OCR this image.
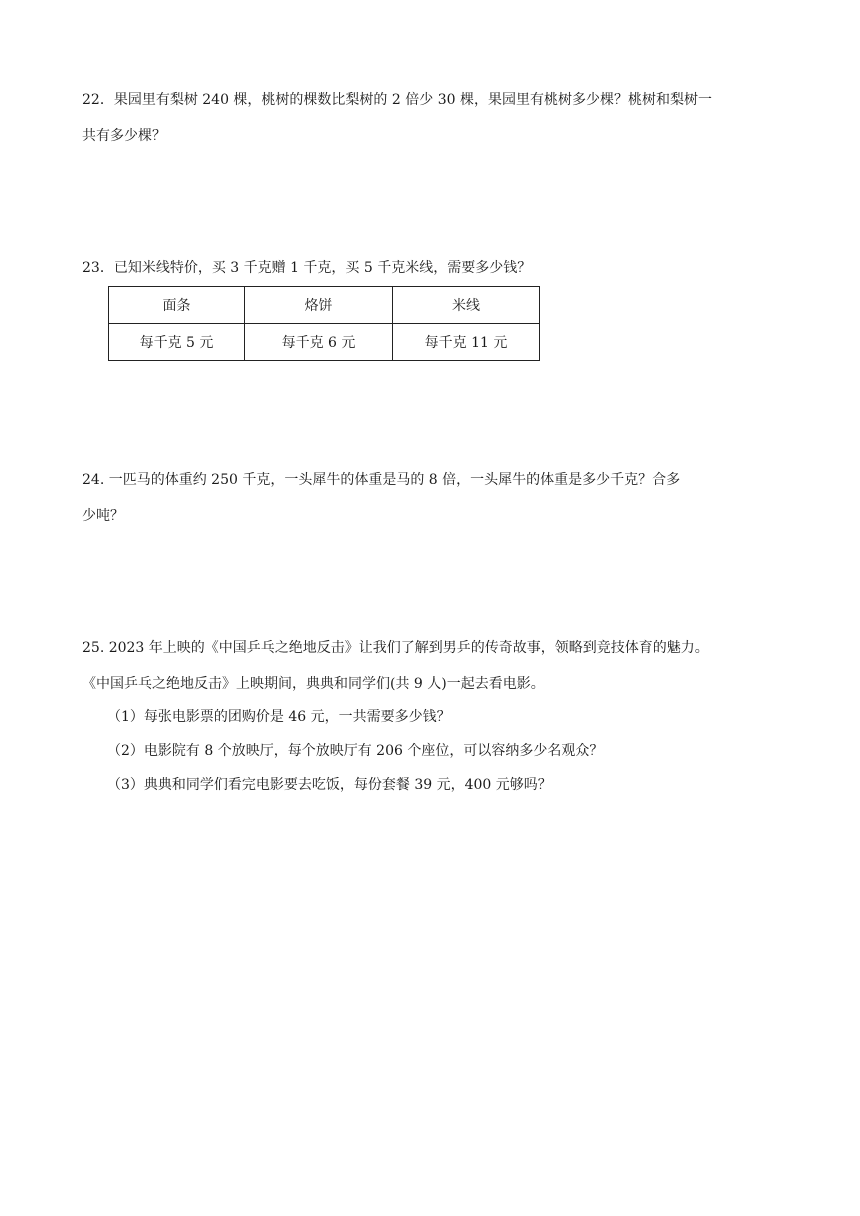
22．果园里有梨树 240 棵，桃树的棵数比梨树的 2 倍少 30 棵，果园里有桃树多少棵？桃树和梨树一
共有多少棵？
23．已知米线特价，买 3 千克赠 1 千克，买 5 千克米线，需要多少钱？
面条	烙饼	米线
每千克 5 元	每千克 6 元	每千克 11 元
24. 一匹马的体重约 250 千克，一头犀牛的体重是马的 8 倍，一头犀牛的体重是多少千克？合多
少吨？
25. 2023 年上映的《中国乒乓之绝地反击》让我们了解到男乒的传奇故事，领略到竞技体育的魅力。
《中国乒乓之绝地反击》上映期间，典典和同学们(共 9 人)一起去看电影。
（1）每张电影票的团购价是 46 元，一共需要多少钱？
（2）电影院有 8 个放映厅，每个放映厅有 206 个座位，可以容纳多少名观众？
（3）典典和同学们看完电影要去吃饭，每份套餐 39 元，400 元够吗？
